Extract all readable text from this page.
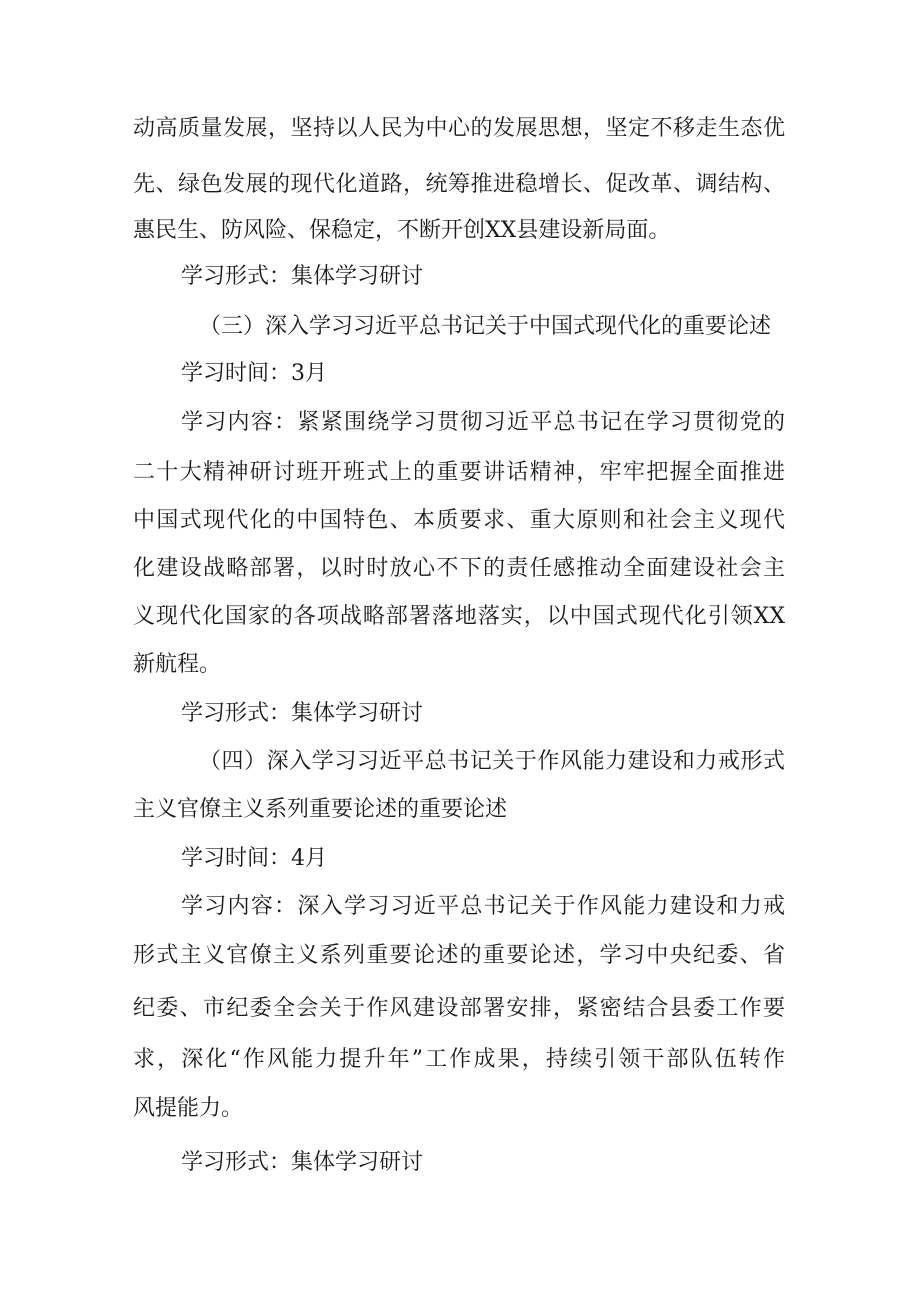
动高质量发展，坚持以人民为中心的发展思想，坚定不移走生态优
先、绿色发展的现代化道路，统筹推进稳增长、促改革、调结构、
惠民生、防风险、保稳定，不断开创XX县建设新局面。
学习形式：集体学习研讨
（三）深入学习习近平总书记关于中国式现代化的重要论述
学习时间：3月
学习内容：紧紧围绕学习贯彻习近平总书记在学习贯彻党的
二十大精神研讨班开班式上的重要讲话精神，牢牢把握全面推进
中国式现代化的中国特色、本质要求、重大原则和社会主义现代
化建设战略部署，以时时放心不下的责任感推动全面建设社会主
义现代化国家的各项战略部署落地落实，以中国式现代化引领XX
新航程。
学习形式：集体学习研讨
（四）深入学习习近平总书记关于作风能力建设和力戒形式
主义官僚主义系列重要论述的重要论述
学习时间：4月
学习内容：深入学习习近平总书记关于作风能力建设和力戒
形式主义官僚主义系列重要论述的重要论述，学习中央纪委、省
纪委、市纪委全会关于作风建设部署安排，紧密结合县委工作要
求，深化“作风能力提升年”工作成果，持续引领干部队伍转作
风提能力。
学习形式：集体学习研讨
